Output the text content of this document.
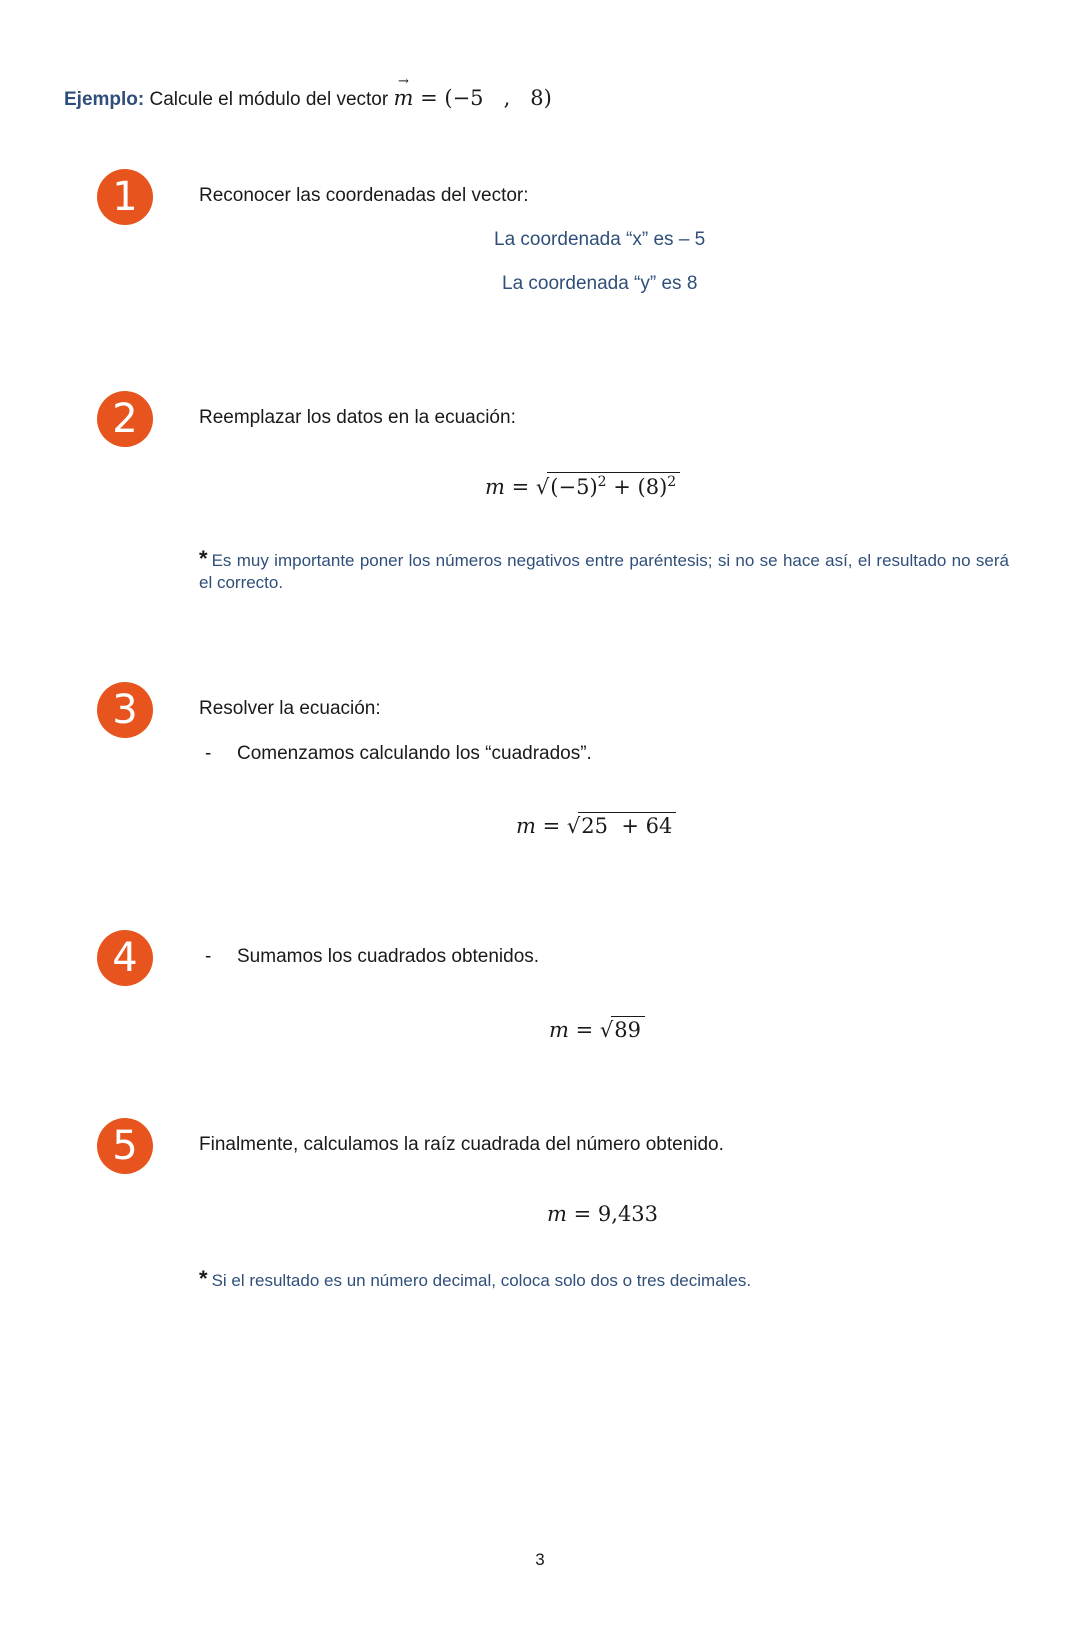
Ejemplo: Calcule el módulo del vector m
→
= (−5   ,   8)
1	Reconocer las coordenadas del vector:
La coordenada “x” es – 5
La coordenada “y” es 8
2	Reemplazar los datos en la ecuación:
$m = √(-5)^2 + (8)^2$
* Es muy importante poner los números negativos entre paréntesis; si no se hace así, el resultado no será el correcto.
3	Resolver la ecuación:
- Comenzamos calculando los “cuadrados”.
m = √25  + 64
4	- Sumamos los cuadrados obtenidos.
m = √89
5	Finalmente, calculamos la raíz cuadrada del número obtenido.
m = 9,433
* Si el resultado es un número decimal, coloca solo dos o tres decimales.
3
